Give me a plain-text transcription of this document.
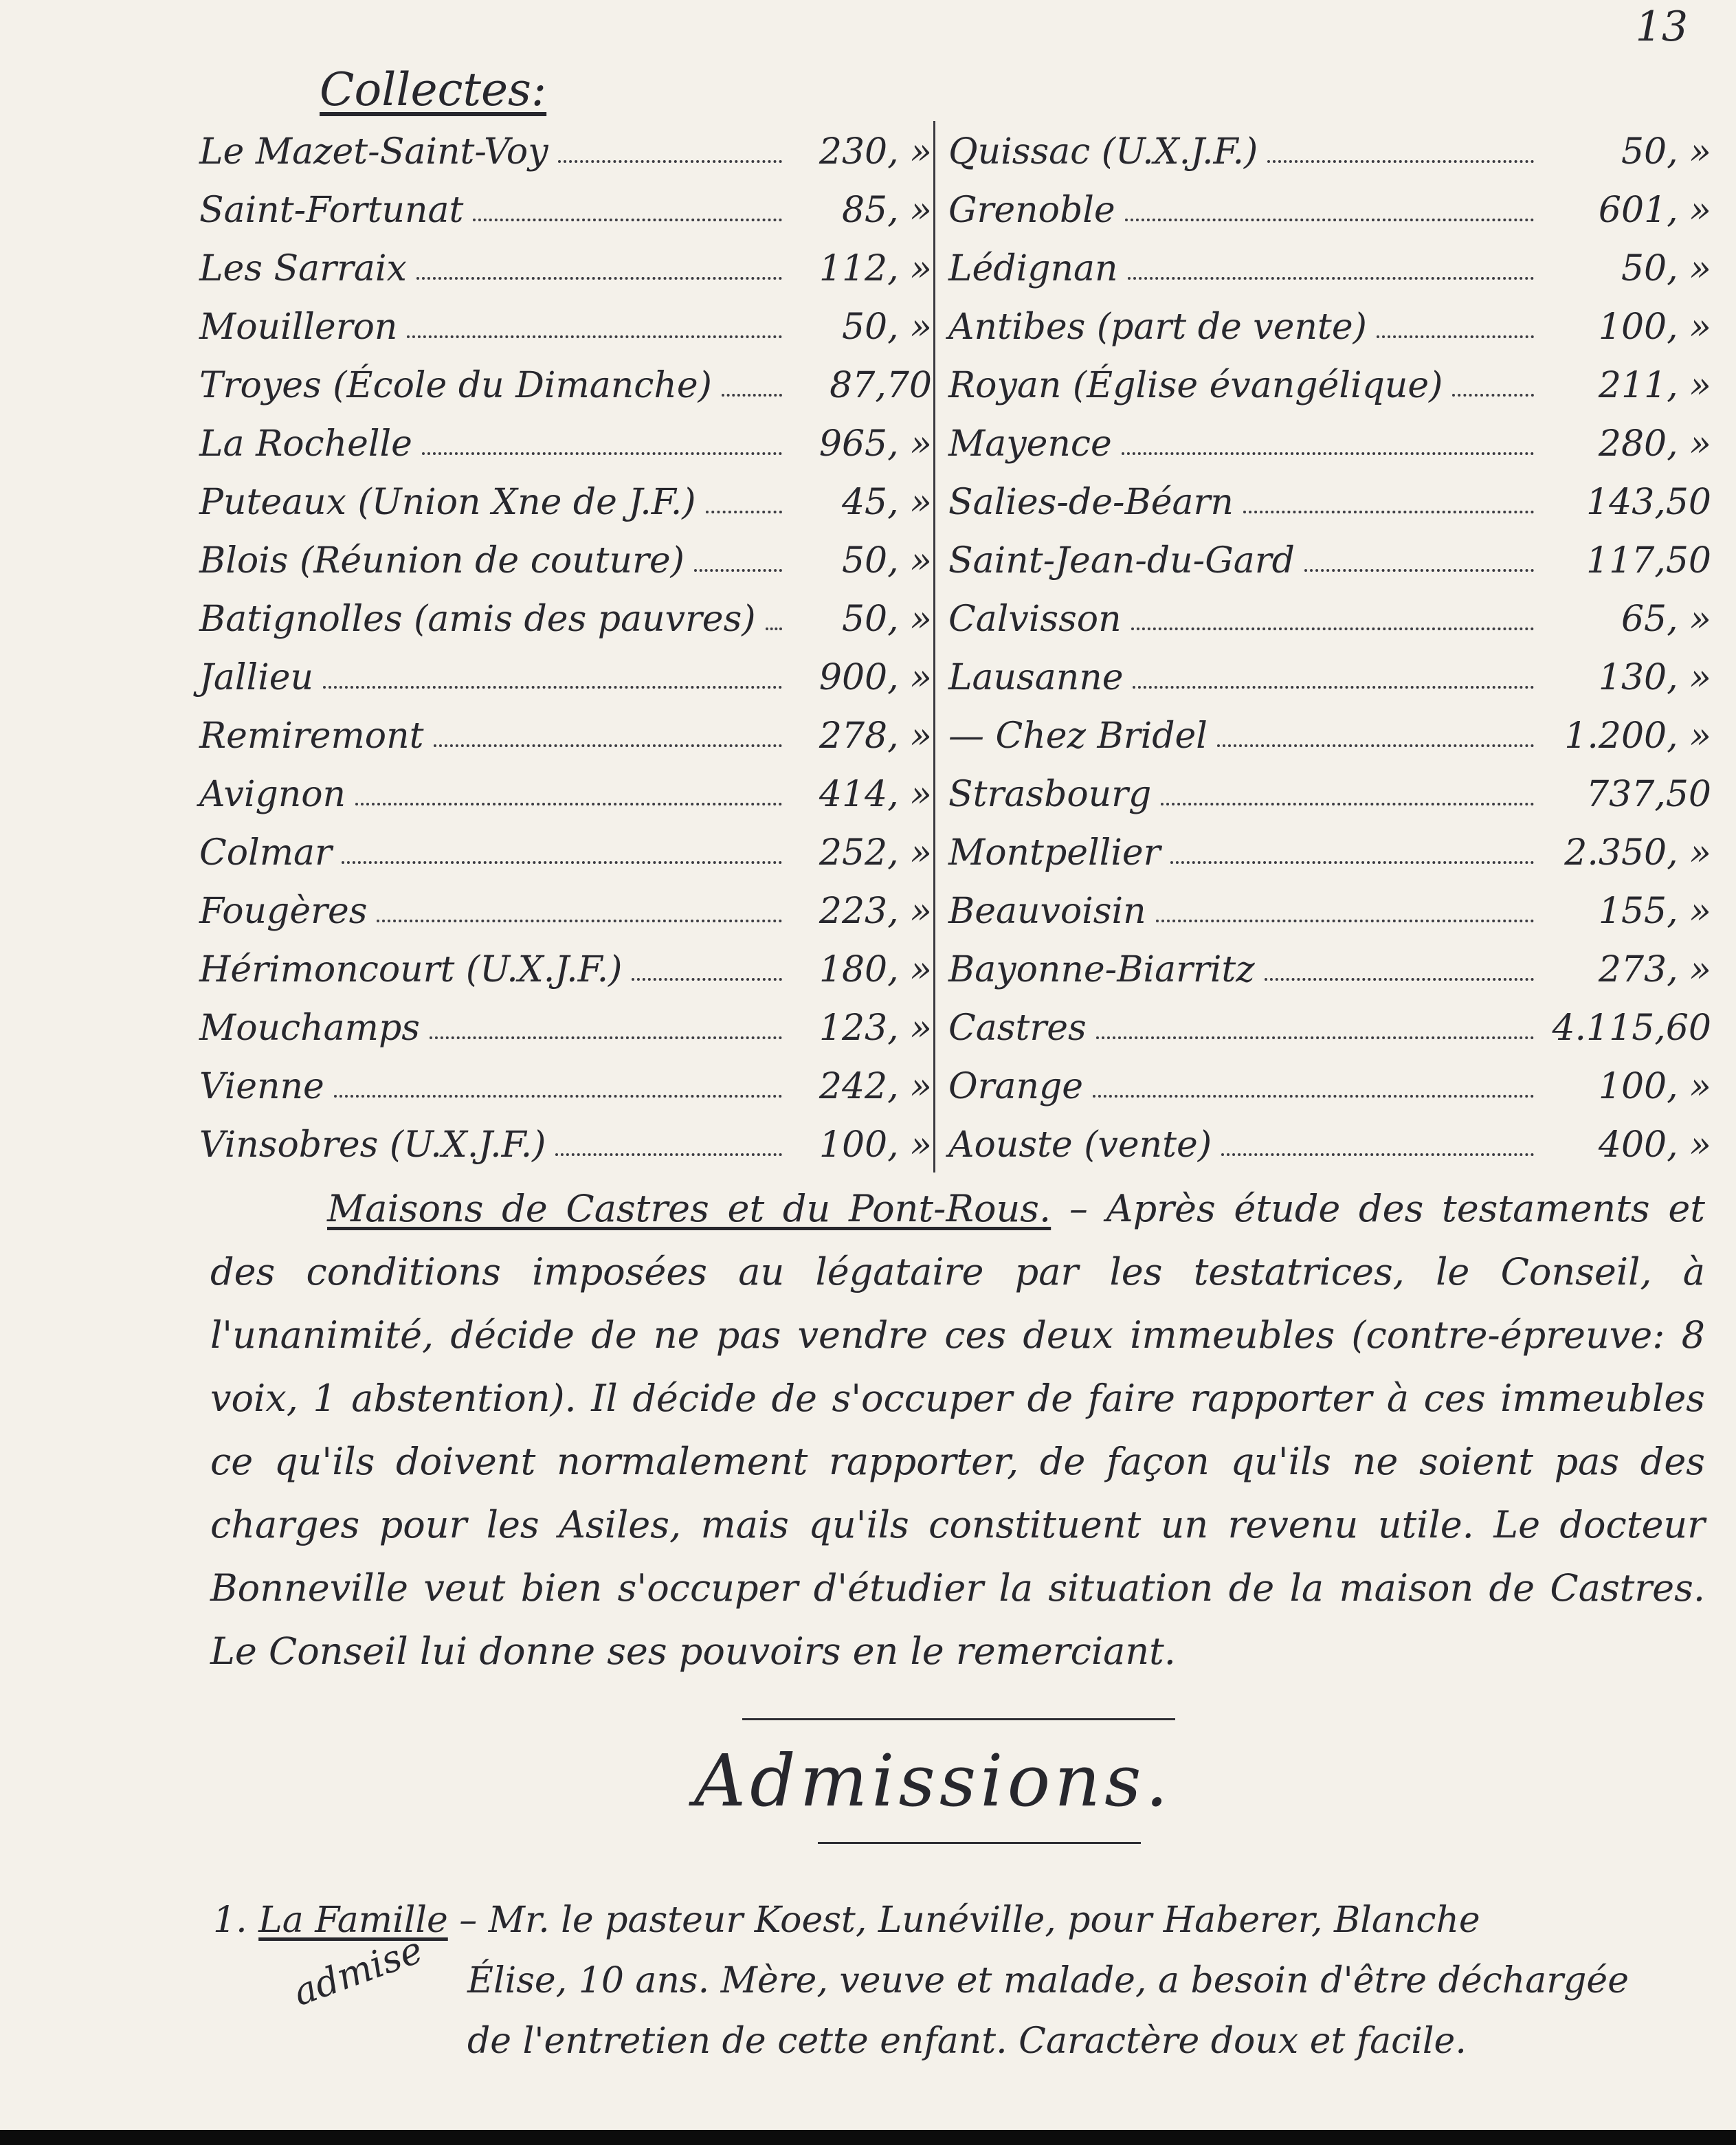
13
Collectes:
Le Mazet-Saint-Voy	230, »
Saint-Fortunat	85, »
Les Sarraix	112, »
Mouilleron	50, »
Troyes (École du Dimanche)	87,70
La Rochelle	965, »
Puteaux (Union Xne de J.F.)	45, »
Blois (Réunion de couture)	50, »
Batignolles (amis des pauvres)	50, »
Jallieu	900, »
Remiremont	278, »
Avignon	414, »
Colmar	252, »
Fougères	223, »
Hérimoncourt (U.X.J.F.)	180, »
Mouchamps	123, »
Vienne	242, »
Vinsobres (U.X.J.F.)	100, »
Quissac (U.X.J.F.)	50, »
Grenoble	601, »
Lédignan	50, »
Antibes (part de vente)	100, »
Royan (Église évangélique)	211, »
Mayence	280, »
Salies-de-Béarn	143,50
Saint-Jean-du-Gard	117,50
Calvisson	65, »
Lausanne	130, »
— Chez Bridel	1.200, »
Strasbourg	737,50
Montpellier	2.350, »
Beauvoisin	155, »
Bayonne-Biarritz	273, »
Castres	4.115,60
Orange	100, »
Aouste (vente)	400, »
Maisons de Castres et du Pont-Rous. – Après étude des testaments et des conditions imposées au légataire par les testatrices, le Conseil, à l'unanimité, décide de ne pas vendre ces deux immeubles (contre-épreuve: 8 voix, 1 abstention). Il décide de s'occuper de faire rapporter à ces immeubles ce qu'ils doivent normalement rapporter, de façon qu'ils ne soient pas des charges pour les Asiles, mais qu'ils constituent un revenu utile. Le docteur Bonneville veut bien s'occuper d'étudier la situation de la maison de Castres. Le Conseil lui donne ses pouvoirs en le remerciant.
Admissions.
1. La Famille – Mr. le pasteur Koest, Lunéville, pour Haberer, Blanche
Élise, 10 ans. Mère, veuve et malade, a besoin d'être déchargée
de l'entretien de cette enfant. Caractère doux et facile.
admise
